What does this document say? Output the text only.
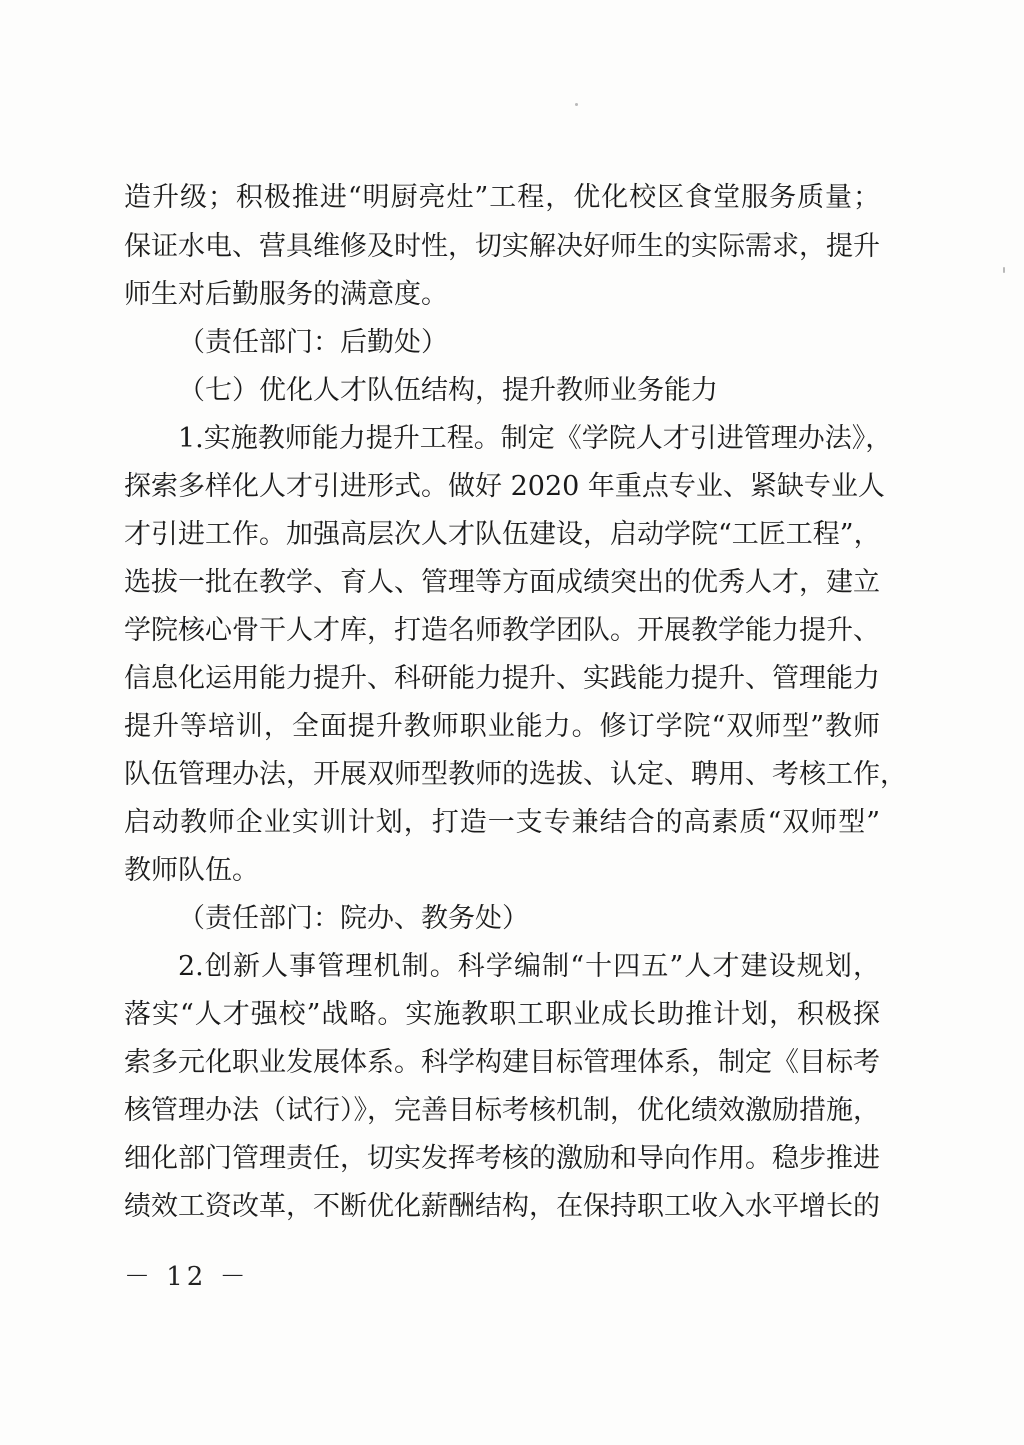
造升级；积极推进“明厨亮灶”工程，优化校区食堂服务质量；

保证水电、营具维修及时性，切实解决好师生的实际需求，提升

师生对后勤服务的满意度。

（责任部门：后勤处）

（七）优化人才队伍结构，提升教师业务能力

1.实施教师能力提升工程。制定《学院人才引进管理办法》，

探索多样化人才引进形式。做好 2020 年重点专业、紧缺专业人

才引进工作。加强高层次人才队伍建设，启动学院“工匠工程”，

选拔一批在教学、育人、管理等方面成绩突出的优秀人才，建立

学院核心骨干人才库，打造名师教学团队。开展教学能力提升、

信息化运用能力提升、科研能力提升、实践能力提升、管理能力

提升等培训，全面提升教师职业能力。修订学院“双师型”教师

队伍管理办法，开展双师型教师的选拔、认定、聘用、考核工作，

启动教师企业实训计划，打造一支专兼结合的高素质“双师型”

教师队伍。

（责任部门：院办、教务处）

2.创新人事管理机制。科学编制“十四五”人才建设规划，

落实“人才强校”战略。实施教职工职业成长助推计划，积极探

索多元化职业发展体系。科学构建目标管理体系，制定《目标考

核管理办法（试行）》，完善目标考核机制，优化绩效激励措施，

细化部门管理责任，切实发挥考核的激励和导向作用。稳步推进

绩效工资改革，不断优化薪酬结构，在保持职工收入水平增长的

－ 12 －
